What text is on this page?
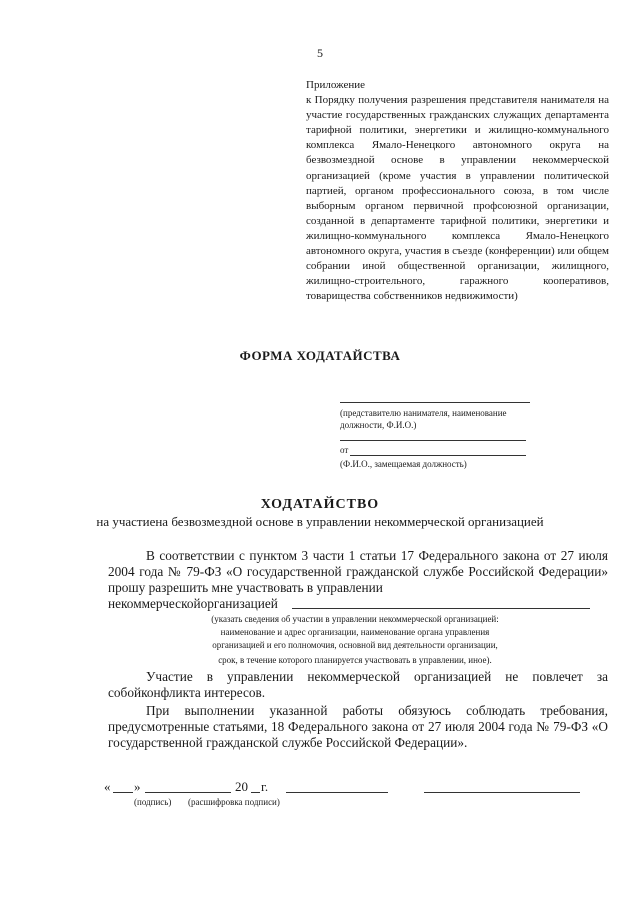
5
Приложение
к Порядку получения разрешения представителя нанимателя на участие государственных гражданских служащих департамента тарифной политики, энергетики и жилищно-коммунального комплекса Ямало-Ненецкого автономного округа на безвозмездной основе в управлении некоммерческой организацией (кроме участия в управлении политической партией, органом профессионального союза, в том числе выборным органом первичной профсоюзной организации, созданной в департаменте тарифной политики, энергетики и жилищно-коммунального комплекса Ямало-Ненецкого автономного округа, участия в съезде (конференции) или общем собрании иной общественной организации, жилищного, жилищно-строительного, гаражного кооперативов, товарищества собственников недвижимости)
ФОРМА ХОДАТАЙСТВА
(представителю нанимателя, наименование должности, Ф.И.О.)
от
(Ф.И.О., замещаемая должность)
ХОДАТАЙСТВО
на участиена безвозмездной основе в управлении некоммерческой организацией
В соответствии с пунктом 3 части 1 статьи 17 Федерального закона от 27 июля 2004 года № 79-ФЗ «О государственной гражданской службе Российской Федерации» прошу разрешить мне участвовать в управлении
некоммерческойорганизацией
(указать сведения об участии в управлении некоммерческой организацией:
наименование и адрес организации, наименование органа управления
организацией и его полномочия, основной вид деятельности организации,
срок, в течение которого планируется участвовать в управлении, иное).
Участие в управлении некоммерческой организацией не повлечет за собойконфликта интересов.
При выполнении указанной работы обязуюсь соблюдать требования, предусмотренные статьями, 18 Федерального закона от 27 июля 2004 года № 79-ФЗ «О государственной гражданской службе Российской Федерации».
« »	20 г.
(подпись) (расшифровка подписи)
